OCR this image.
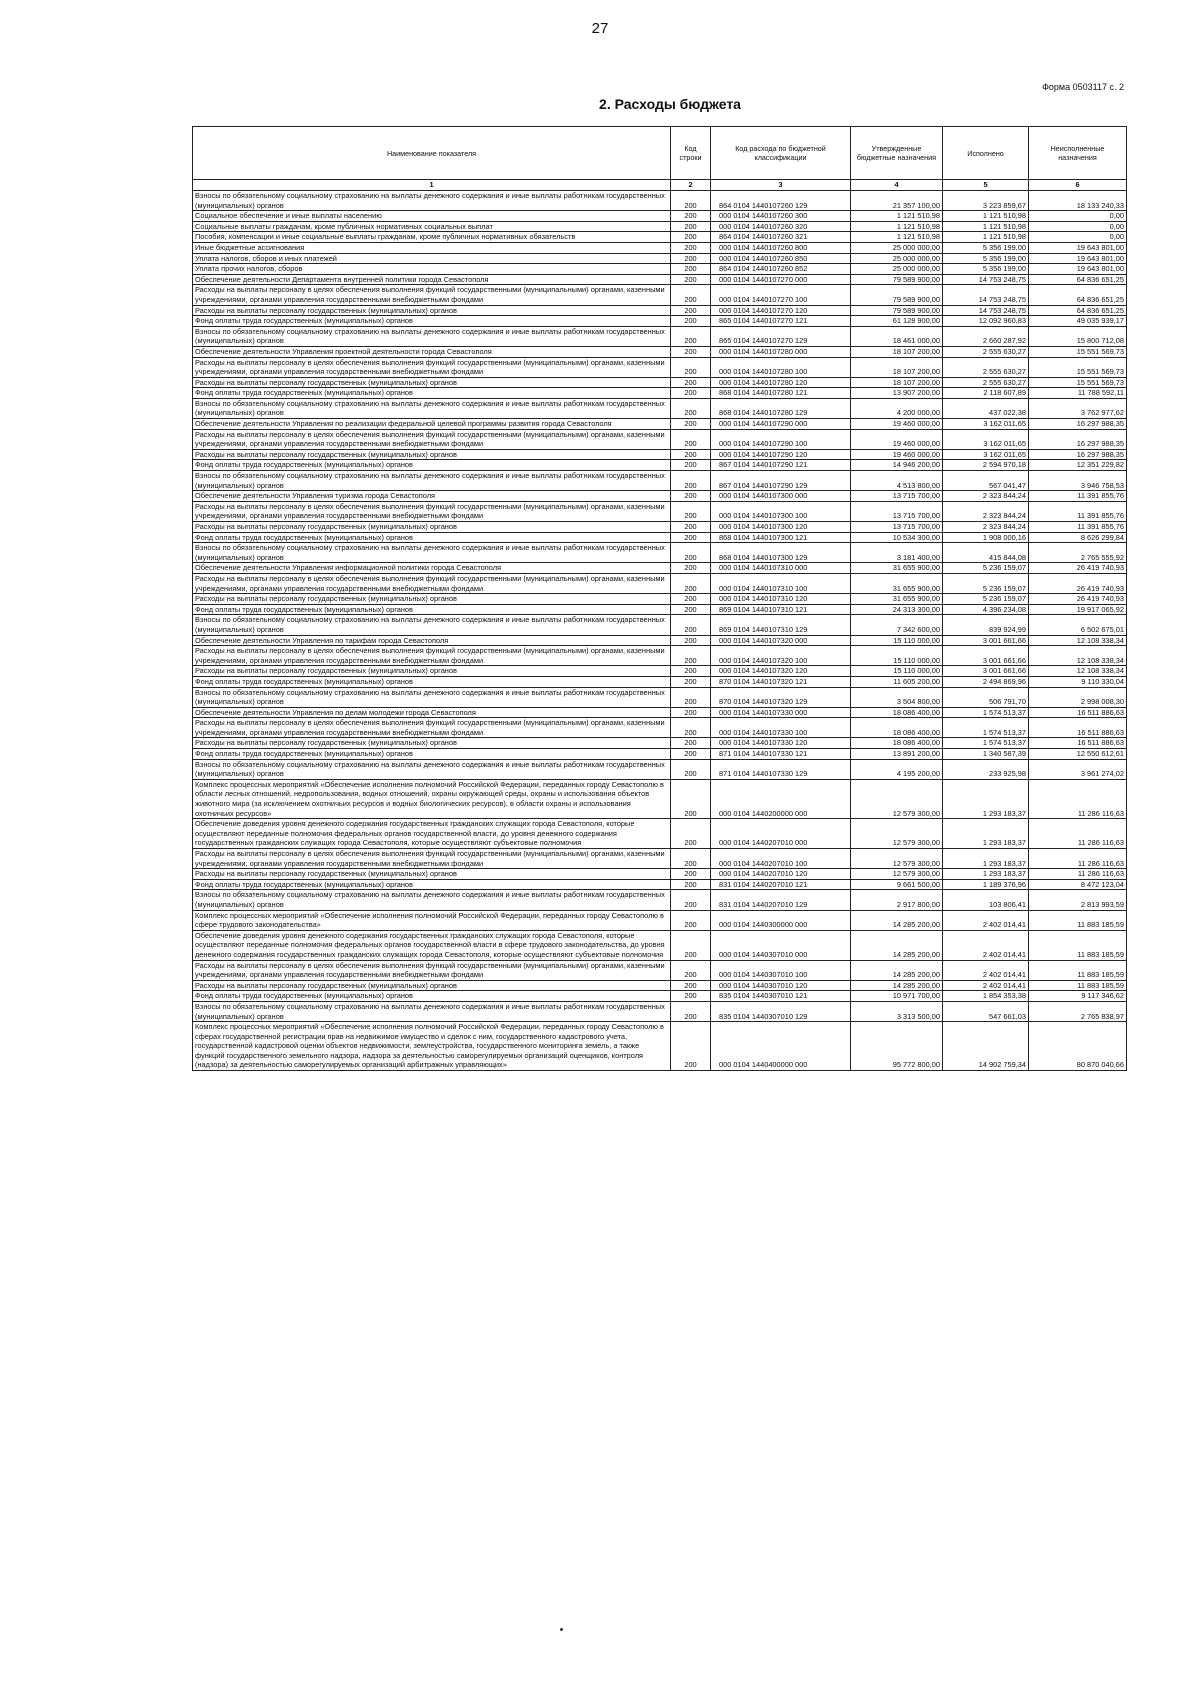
27
Форма 0503117 с. 2
2. Расходы бюджета
Наименование показателя	Код строки	Код расхода по бюджетной классификации	Утвержденные бюджетные назначения	Исполнено	Неисполненные назначения
1	2	3	4	5	6
Взносы по обязательному социальному страхованию на выплаты денежного содержания и иные выплаты работникам государственных (муниципальных) органов	200	864 0104 1440107260 129	21 357 100,00	3 223 859,67	18 133 240,33
Социальное обеспечение и иные выплаты населению	200	000 0104 1440107260 300	1 121 510,98	1 121 510,98	0,00
Социальные выплаты гражданам, кроме публичных нормативных социальных выплат	200	000 0104 1440107260 320	1 121 510,98	1 121 510,98	0,00
Пособия, компенсации и иные социальные выплаты гражданам, кроме публичных нормативных обязательств	200	864 0104 1440107260 321	1 121 510,98	1 121 510,98	0,00
Иные бюджетные ассигнования	200	000 0104 1440107260 800	25 000 000,00	5 356 199,00	19 643 801,00
Уплата налогов, сборов и иных платежей	200	000 0104 1440107260 850	25 000 000,00	5 356 199,00	19 643 801,00
Уплата прочих налогов, сборов	200	864 0104 1440107260 852	25 000 000,00	5 356 199,00	19 643 801,00
Обеспечение деятельности Департамента внутренней политики города Севастополя	200	000 0104 1440107270 000	79 589 900,00	14 753 248,75	64 836 651,25
Расходы на выплаты персоналу в целях обеспечения выполнения функций государственными (муниципальными) органами, казенными учреждениями, органами управления государственными внебюджетными фондами	200	000 0104 1440107270 100	79 589 900,00	14 753 248,75	64 836 651,25
Расходы на выплаты персоналу государственных (муниципальных) органов	200	000 0104 1440107270 120	79 589 900,00	14 753 248,75	64 836 651,25
Фонд оплаты труда государственных (муниципальных) органов	200	865 0104 1440107270 121	61 128 900,00	12 092 960,83	49 035 939,17
Взносы по обязательному социальному страхованию на выплаты денежного содержания и иные выплаты работникам государственных (муниципальных) органов	200	865 0104 1440107270 129	18 461 000,00	2 660 287,92	15 800 712,08
Обеспечение деятельности Управления проектной деятельности города Севастополя	200	000 0104 1440107280 000	18 107 200,00	2 555 630,27	15 551 569,73
Расходы на выплаты персоналу в целях обеспечения выполнения функций государственными (муниципальными) органами, казенными учреждениями, органами управления государственными внебюджетными фондами	200	000 0104 1440107280 100	18 107 200,00	2 555 630,27	15 551 569,73
Расходы на выплаты персоналу государственных (муниципальных) органов	200	000 0104 1440107280 120	18 107 200,00	2 555 630,27	15 551 569,73
Фонд оплаты труда государственных (муниципальных) органов	200	868 0104 1440107280 121	13 907 200,00	2 118 607,89	11 788 592,11
Взносы по обязательному социальному страхованию на выплаты денежного содержания и иные выплаты работникам государственных (муниципальных) органов	200	868 0104 1440107280 129	4 200 000,00	437 022,38	3 762 977,62
Обеспечение деятельности Управления по реализации федеральной целевой программы развития города Севастополя	200	000 0104 1440107290 000	19 460 000,00	3 162 011,65	16 297 988,35
Расходы на выплаты персоналу в целях обеспечения выполнения функций государственными (муниципальными) органами, казенными учреждениями, органами управления государственными внебюджетными фондами	200	000 0104 1440107290 100	19 460 000,00	3 162 011,65	16 297 988,35
Расходы на выплаты персоналу государственных (муниципальных) органов	200	000 0104 1440107290 120	19 460 000,00	3 162 011,65	16 297 988,35
Фонд оплаты труда государственных (муниципальных) органов	200	867 0104 1440107290 121	14 946 200,00	2 594 970,18	12 351 229,82
Взносы по обязательному социальному страхованию на выплаты денежного содержания и иные выплаты работникам государственных (муниципальных) органов	200	867 0104 1440107290 129	4 513 800,00	567 041,47	3 946 758,53
Обеспечение деятельности Управления туризма города Севастополя	200	000 0104 1440107300 000	13 715 700,00	2 323 844,24	11 391 855,76
Расходы на выплаты персоналу в целях обеспечения выполнения функций государственными (муниципальными) органами, казенными учреждениями, органами управления государственными внебюджетными фондами	200	000 0104 1440107300 100	13 715 700,00	2 323 844,24	11 391 855,76
Расходы на выплаты персоналу государственных (муниципальных) органов	200	000 0104 1440107300 120	13 715 700,00	2 323 844,24	11 391 855,76
Фонд оплаты труда государственных (муниципальных) органов	200	868 0104 1440107300 121	10 534 300,00	1 908 000,16	8 626 299,84
Взносы по обязательному социальному страхованию на выплаты денежного содержания и иные выплаты работникам государственных (муниципальных) органов	200	868 0104 1440107300 129	3 181 400,00	415 844,08	2 765 555,92
Обеспечение деятельности Управления информационной политики города Севастополя	200	000 0104 1440107310 000	31 655 900,00	5 236 159,07	26 419 740,93
Расходы на выплаты персоналу в целях обеспечения выполнения функций государственными (муниципальными) органами, казенными учреждениями, органами управления государственными внебюджетными фондами	200	000 0104 1440107310 100	31 655 900,00	5 236 159,07	26 419 740,93
Расходы на выплаты персоналу государственных (муниципальных) органов	200	000 0104 1440107310 120	31 655 900,00	5 236 159,07	26 419 740,93
Фонд оплаты труда государственных (муниципальных) органов	200	869 0104 1440107310 121	24 313 300,00	4 396 234,08	19 917 065,92
Взносы по обязательному социальному страхованию на выплаты денежного содержания и иные выплаты работникам государственных (муниципальных) органов	200	869 0104 1440107310 129	7 342 600,00	839 924,99	6 502 675,01
Обеспечение деятельности Управления по тарифам города Севастополя	200	000 0104 1440107320 000	15 110 000,00	3 001 661,66	12 108 338,34
Расходы на выплаты персоналу в целях обеспечения выполнения функций государственными (муниципальными) органами, казенными учреждениями, органами управления государственными внебюджетными фондами	200	000 0104 1440107320 100	15 110 000,00	3 001 661,66	12 108 338,34
Расходы на выплаты персоналу государственных (муниципальных) органов	200	000 0104 1440107320 120	15 110 000,00	3 001 661,66	12 108 338,34
Фонд оплаты труда государственных (муниципальных) органов	200	870 0104 1440107320 121	11 605 200,00	2 494 869,96	9 110 330,04
Взносы по обязательному социальному страхованию на выплаты денежного содержания и иные выплаты работникам государственных (муниципальных) органов	200	870 0104 1440107320 129	3 504 800,00	506 791,70	2 998 008,30
Обеспечение деятельности Управления по делам молодежи города Севастополя	200	000 0104 1440107330 000	18 086 400,00	1 574 513,37	16 511 886,63
Расходы на выплаты персоналу в целях обеспечения выполнения функций государственными (муниципальными) органами, казенными учреждениями, органами управления государственными внебюджетными фондами	200	000 0104 1440107330 100	18 086 400,00	1 574 513,37	16 511 886,63
Расходы на выплаты персоналу государственных (муниципальных) органов	200	000 0104 1440107330 120	18 086 400,00	1 574 513,37	16 511 886,63
Фонд оплаты труда государственных (муниципальных) органов	200	871 0104 1440107330 121	13 891 200,00	1 340 587,39	12 550 612,61
Взносы по обязательному социальному страхованию на выплаты денежного содержания и иные выплаты работникам государственных (муниципальных) органов	200	871 0104 1440107330 129	4 195 200,00	233 925,98	3 961 274,02
Комплекс процессных мероприятий «Обеспечение исполнения полномочий Российской Федерации, переданных городу Севастополю в области лесных отношений, недропользования, водных отношений, охраны окружающей среды, охраны и использования объектов животного мира (за исключением охотничьих ресурсов и водных биологических ресурсов), в области охраны и использования охотничьих ресурсов»	200	000 0104 1440200000 000	12 579 300,00	1 293 183,37	11 286 116,63
Обеспечение доведения уровня денежного содержания государственных гражданских служащих города Севастополя, которые осуществляют переданные полномочия федеральных органов государственной власти, до уровня денежного содержания государственных гражданских служащих города Севастополя, которые осуществляют субъектовые полномочия	200	000 0104 1440207010 000	12 579 300,00	1 293 183,37	11 286 116,63
Расходы на выплаты персоналу в целях обеспечения выполнения функций государственными (муниципальными) органами, казенными учреждениями, органами управления государственными внебюджетными фондами	200	000 0104 1440207010 100	12 579 300,00	1 293 183,37	11 286 116,63
Расходы на выплаты персоналу государственных (муниципальных) органов	200	000 0104 1440207010 120	12 579 300,00	1 293 183,37	11 286 116,63
Фонд оплаты труда государственных (муниципальных) органов	200	831 0104 1440207010 121	9 661 500,00	1 189 376,96	8 472 123,04
Взносы по обязательному социальному страхованию на выплаты денежного содержания и иные выплаты работникам государственных (муниципальных) органов	200	831 0104 1440207010 129	2 917 800,00	103 806,41	2 813 993,59
Комплекс процессных мероприятий «Обеспечение исполнения полномочий Российской Федерации, переданных городу Севастополю в сфере трудового законодательства»	200	000 0104 1440300000 000	14 285 200,00	2 402 014,41	11 883 185,59
Обеспечение доведения уровня денежного содержания государственных гражданских служащих города Севастополя, которые осуществляют переданные полномочия федеральных органов государственной власти в сфере трудового законодательства, до уровня денежного содержания государственных гражданских служащих города Севастополя, которые осуществляют субъектовые полномочия	200	000 0104 1440307010 000	14 285 200,00	2 402 014,41	11 883 185,59
Расходы на выплаты персоналу в целях обеспечения выполнения функций государственными (муниципальными) органами, казенными учреждениями, органами управления государственными внебюджетными фондами	200	000 0104 1440307010 100	14 285 200,00	2 402 014,41	11 883 185,59
Расходы на выплаты персоналу государственных (муниципальных) органов	200	000 0104 1440307010 120	14 285 200,00	2 402 014,41	11 883 185,59
Фонд оплаты труда государственных (муниципальных) органов	200	835 0104 1440307010 121	10 971 700,00	1 854 353,38	9 117 346,62
Взносы по обязательному социальному страхованию на выплаты денежного содержания и иные выплаты работникам государственных (муниципальных) органов	200	835 0104 1440307010 129	3 313 500,00	547 661,03	2 765 838,97
Комплекс процессных мероприятий «Обеспечение исполнения полномочий Российской Федерации, переданных городу Севастополю в сферах государственной регистрации прав на недвижимое имущество и сделок с ним, государственного кадастрового учета, государственной кадастровой оценки объектов недвижимости, землеустройства, государственного мониторинга земель, а также функций государственного земельного надзора, надзора за деятельностью саморегулируемых организаций оценщиков, контроля (надзора) за деятельностью саморегулируемых организаций арбитражных управляющих»	200	000 0104 1440400000 000	95 772 800,00	14 902 759,34	80 870 040,66
